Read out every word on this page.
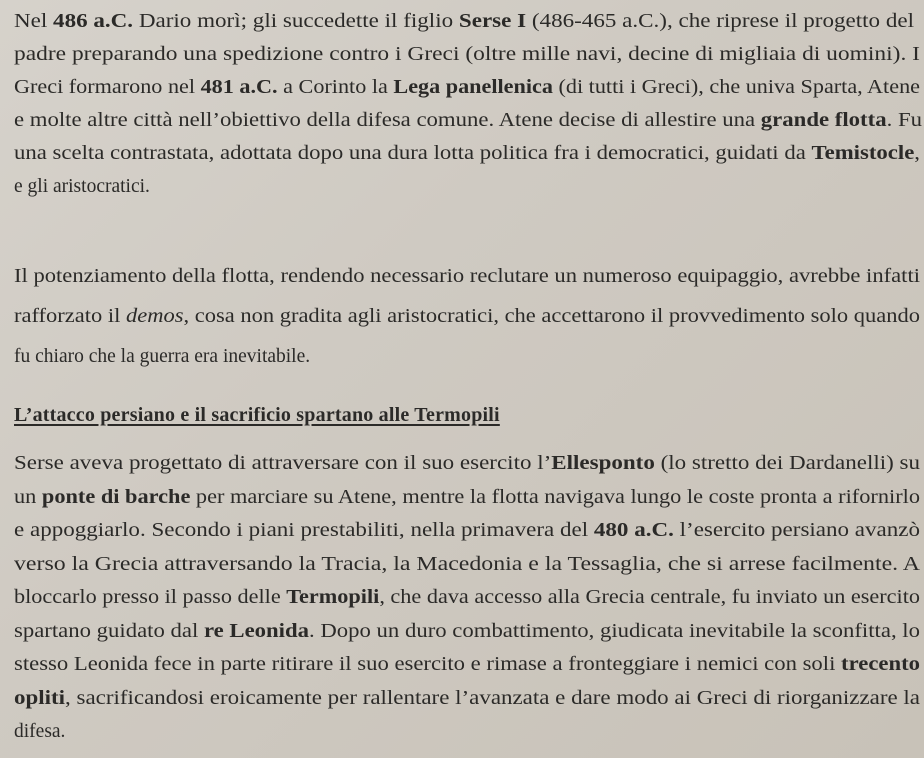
Nel 486 a.C. Dario morì; gli succedette il figlio Serse I (486-465 a.C.), che riprese il progetto del
padre preparando una spedizione contro i Greci (oltre mille navi, decine di migliaia di uomini). I
Greci formarono nel 481 a.C. a Corinto la Lega panellenica (di tutti i Greci), che univa Sparta, Atene
e molte altre città nell’obiettivo della difesa comune. Atene decise di allestire una grande flotta. Fu
una scelta contrastata, adottata dopo una dura lotta politica fra i democratici, guidati da Temistocle,
e gli aristocratici.
Il potenziamento della flotta, rendendo necessario reclutare un numeroso equipaggio, avrebbe infatti
rafforzato il demos, cosa non gradita agli aristocratici, che accettarono il provvedimento solo quando
fu chiaro che la guerra era inevitabile.
L’attacco persiano e il sacrificio spartano alle Termopili
Serse aveva progettato di attraversare con il suo esercito l’Ellesponto (lo stretto dei Dardanelli) su
un ponte di barche per marciare su Atene, mentre la flotta navigava lungo le coste pronta a rifornirlo
e appoggiarlo. Secondo i piani prestabiliti, nella primavera del 480 a.C. l’esercito persiano avanzò
verso la Grecia attraversando la Tracia, la Macedonia e la Tessaglia, che si arrese facilmente. A
bloccarlo presso il passo delle Termopili, che dava accesso alla Grecia centrale, fu inviato un esercito
spartano guidato dal re Leonida. Dopo un duro combattimento, giudicata inevitabile la sconfitta, lo
stesso Leonida fece in parte ritirare il suo esercito e rimase a fronteggiare i nemici con soli trecento
opliti, sacrificandosi eroicamente per rallentare l’avanzata e dare modo ai Greci di riorganizzare la
difesa.
